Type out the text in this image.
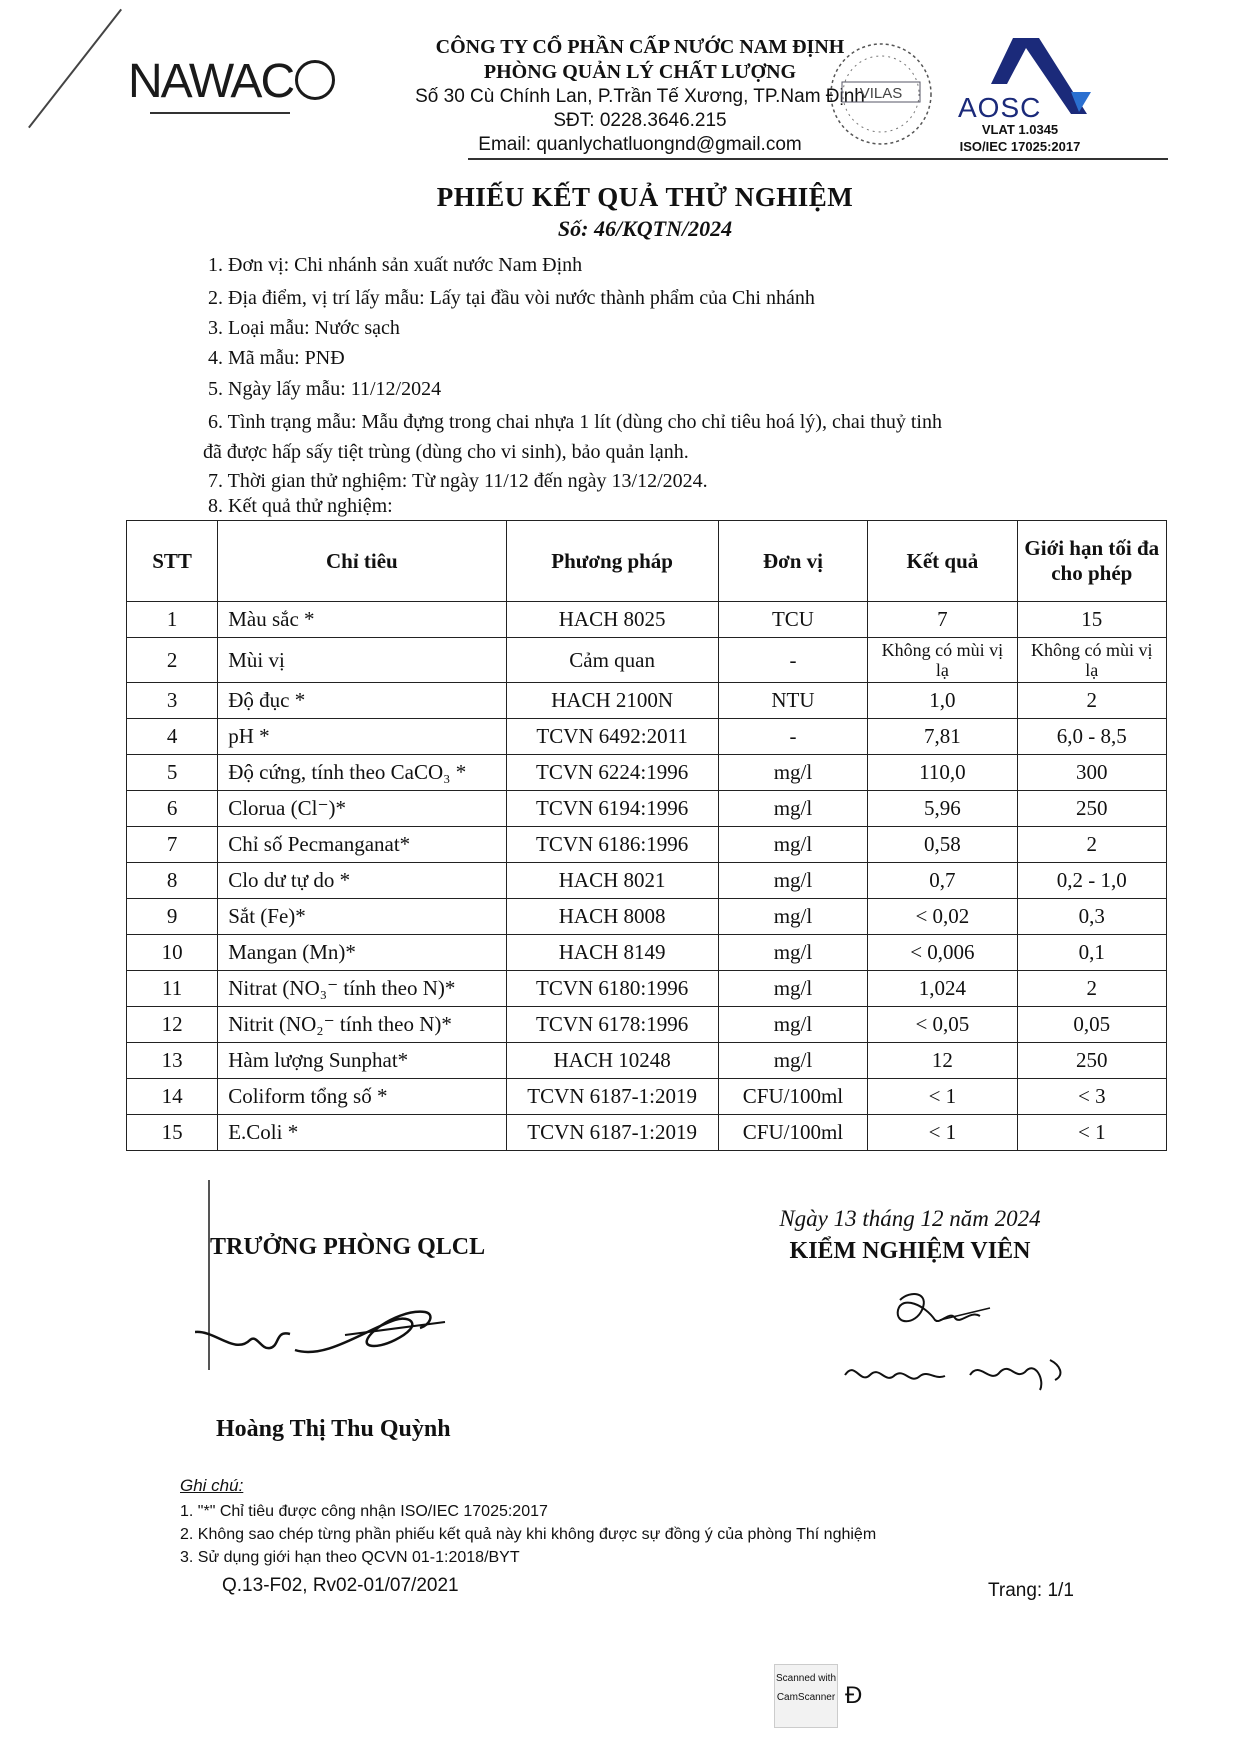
NAWAC
CÔNG TY CỔ PHẦN CẤP NƯỚC NAM ĐỊNH
PHÒNG QUẢN LÝ CHẤT LƯỢNG
Số 30 Cù Chính Lan, P.Trần Tế Xương, TP.Nam Định
SĐT: 0228.3646.215
Email: quanlychatluongnd@gmail.com
VILAS AOSC
VLAT 1.0345
ISO/IEC 17025:2017
PHIẾU KẾT QUẢ THỬ NGHIỆM
Số: 46/KQTN/2024
1. Đơn vị: Chi nhánh sản xuất nước Nam Định
2. Địa điểm, vị trí lấy mẫu: Lấy tại đầu vòi nước thành phẩm của Chi nhánh
3. Loại mẫu: Nước sạch
4. Mã mẫu: PNĐ
5. Ngày lấy mẫu: 11/12/2024
6. Tình trạng mẫu: Mẫu đựng trong chai nhựa 1 lít (dùng cho chỉ tiêu hoá lý), chai thuỷ tinh
đã được hấp sấy tiệt trùng (dùng cho vi sinh), bảo quản lạnh.
7. Thời gian thử nghiệm: Từ ngày 11/12 đến ngày 13/12/2024.
8. Kết quả thử nghiệm:
STT	Chỉ tiêu	Phương pháp	Đơn vị	Kết quả	Giới hạn tối đa cho phép
1	Màu sắc *	HACH 8025	TCU	7	15
2	Mùi vị	Cảm quan	-	Không có mùi vị lạ	Không có mùi vị lạ
3	Độ đục *	HACH 2100N	NTU	1,0	2
4	pH *	TCVN 6492:2011	-	7,81	6,0 - 8,5
5	Độ cứng, tính theo CaCO₃ *	TCVN 6224:1996	mg/l	110,0	300
6	Clorua (Cl⁻)*	TCVN 6194:1996	mg/l	5,96	250
7	Chỉ số Pecmanganat*	TCVN 6186:1996	mg/l	0,58	2
8	Clo dư tự do *	HACH 8021	mg/l	0,7	0,2 - 1,0
9	Sắt (Fe)*	HACH 8008	mg/l	< 0,02	0,3
10	Mangan (Mn)*	HACH 8149	mg/l	< 0,006	0,1
11	Nitrat (NO₃⁻ tính theo N)*	TCVN 6180:1996	mg/l	1,024	2
12	Nitrit (NO₂⁻ tính theo N)*	TCVN 6178:1996	mg/l	< 0,05	0,05
13	Hàm lượng Sunphat*	HACH 10248	mg/l	12	250
14	Coliform tổng số *	TCVN 6187-1:2019	CFU/100ml	< 1	< 3
15	E.Coli *	TCVN 6187-1:2019	CFU/100ml	< 1	< 1
Ngày 13 tháng 12 năm 2024
TRƯỞNG PHÒNG QLCL	KIỂM NGHIỆM VIÊN
Hoàng Thị Thu Quỳnh
Ghi chú:
1. "*" Chỉ tiêu được công nhận ISO/IEC 17025:2017
2. Không sao chép từng phần phiếu kết quả này khi không được sự đồng ý của phòng Thí nghiệm
3. Sử dụng giới hạn theo QCVN 01-1:2018/BYT
Q.13-F02, Rv02-01/07/2021	Trang: 1/1
Scanned with
CamScanner Đ
